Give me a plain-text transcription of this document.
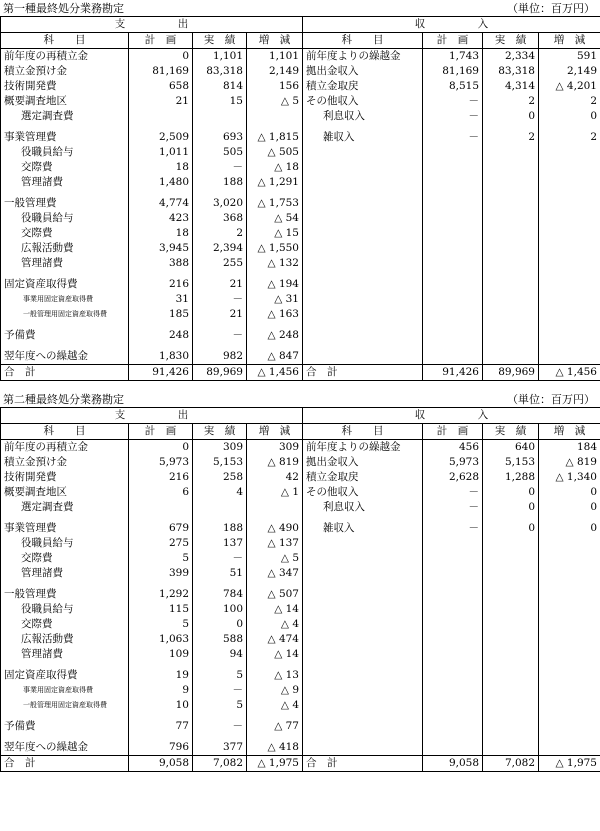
第一種最終処分業務勘定	（単位：百万円）
支　　　　　出				収　　　　　入			
科　　目	計　画	実　績	増　減	科　　目	計　画	実　績	増　減
前年度の再積立金	0	1,101	1,101	前年度よりの繰越金	1,743	2,334	591
積立金預け金	81,169	83,318	2,149	拠出金収入	81,169	83,318	2,149
技術開発費	658	814	156	積立金取戻	8,515	4,314	△ 4,201
概要調査地区	21	15	△ 5	その他収入	－	2	2
選定調査費				利息収入	－	0	0

事業管理費	2,509	693	△ 1,815	雑収入	－	2	2
役職員給与	1,011	505	△ 505				
交際費	18	－	△ 18				
管理諸費	1,480	188	△ 1,291				

一般管理費	4,774	3,020	△ 1,753				
役職員給与	423	368	△ 54				
交際費	18	2	△ 15				
広報活動費	3,945	2,394	△ 1,550				
管理諸費	388	255	△ 132				

固定資産取得費	216	21	△ 194				
事業用固定資産取得費	31	－	△ 31				
一般管理用固定資産取得費	185	21	△ 163				

予備費	248	－	△ 248				

翌年度への繰越金	1,830	982	△ 847				
合　計	91,426	89,969	△ 1,456	合　計	91,426	89,969	△ 1,456
第二種最終処分業務勘定	（単位：百万円）
支　　　　　出				収　　　　　入			
科　　目	計　画	実　績	増　減	科　　目	計　画	実　績	増　減
前年度の再積立金	0	309	309	前年度よりの繰越金	456	640	184
積立金預け金	5,973	5,153	△ 819	拠出金収入	5,973	5,153	△ 819
技術開発費	216	258	42	積立金取戻	2,628	1,288	△ 1,340
概要調査地区	6	4	△ 1	その他収入	－	0	0
選定調査費				利息収入	－	0	0

事業管理費	679	188	△ 490	雑収入	－	0	0
役職員給与	275	137	△ 137				
交際費	5	－	△ 5				
管理諸費	399	51	△ 347				

一般管理費	1,292	784	△ 507				
役職員給与	115	100	△ 14				
交際費	5	0	△ 4				
広報活動費	1,063	588	△ 474				
管理諸費	109	94	△ 14				

固定資産取得費	19	5	△ 13				
事業用固定資産取得費	9	－	△ 9				
一般管理用固定資産取得費	10	5	△ 4				

予備費	77	－	△ 77				

翌年度への繰越金	796	377	△ 418				
合　計	9,058	7,082	△ 1,975	合　計	9,058	7,082	△ 1,975
